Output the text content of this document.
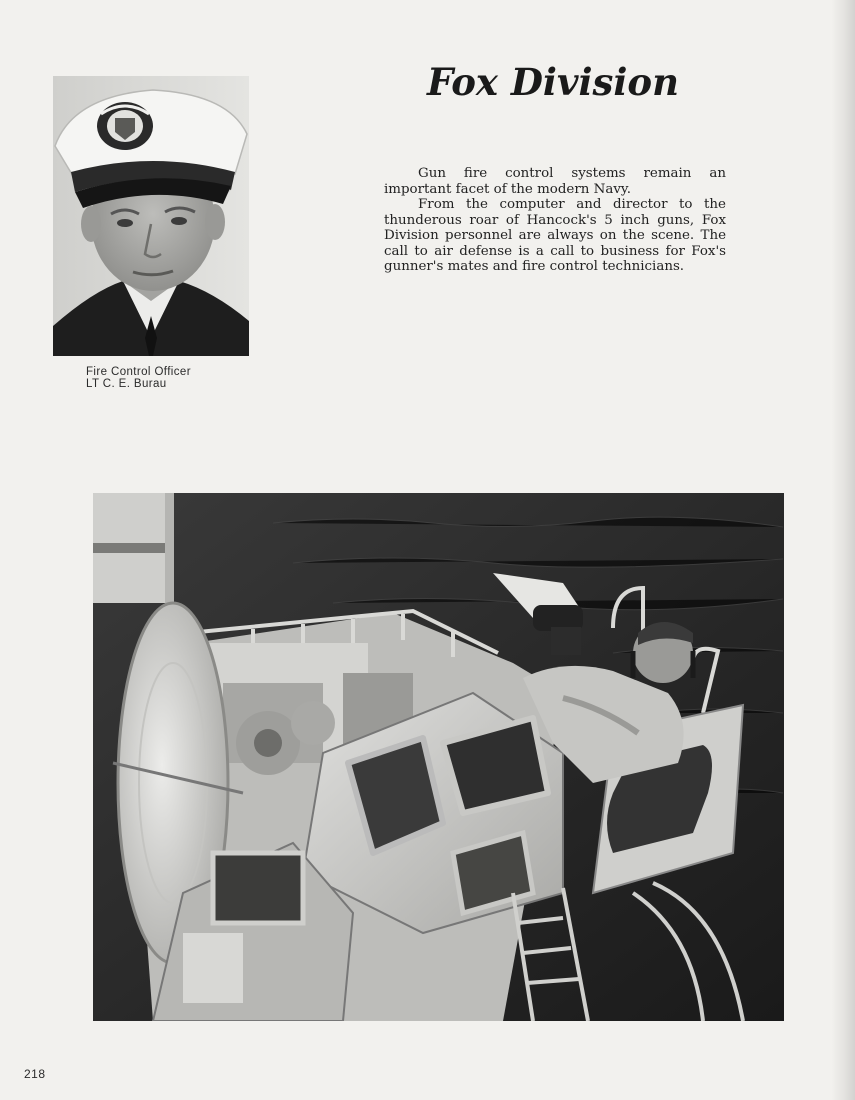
Fire Control Officer
LT C. E. Burau
Fox Division

Gun fire control systems remain an important facet of the modern Navy.

From the computer and director to the thunderous roar of Hancock's 5 inch guns, Fox Division personnel are always on the scene. The call to air defense is a call to business for Fox's gunner's mates and fire control technicians.

218
